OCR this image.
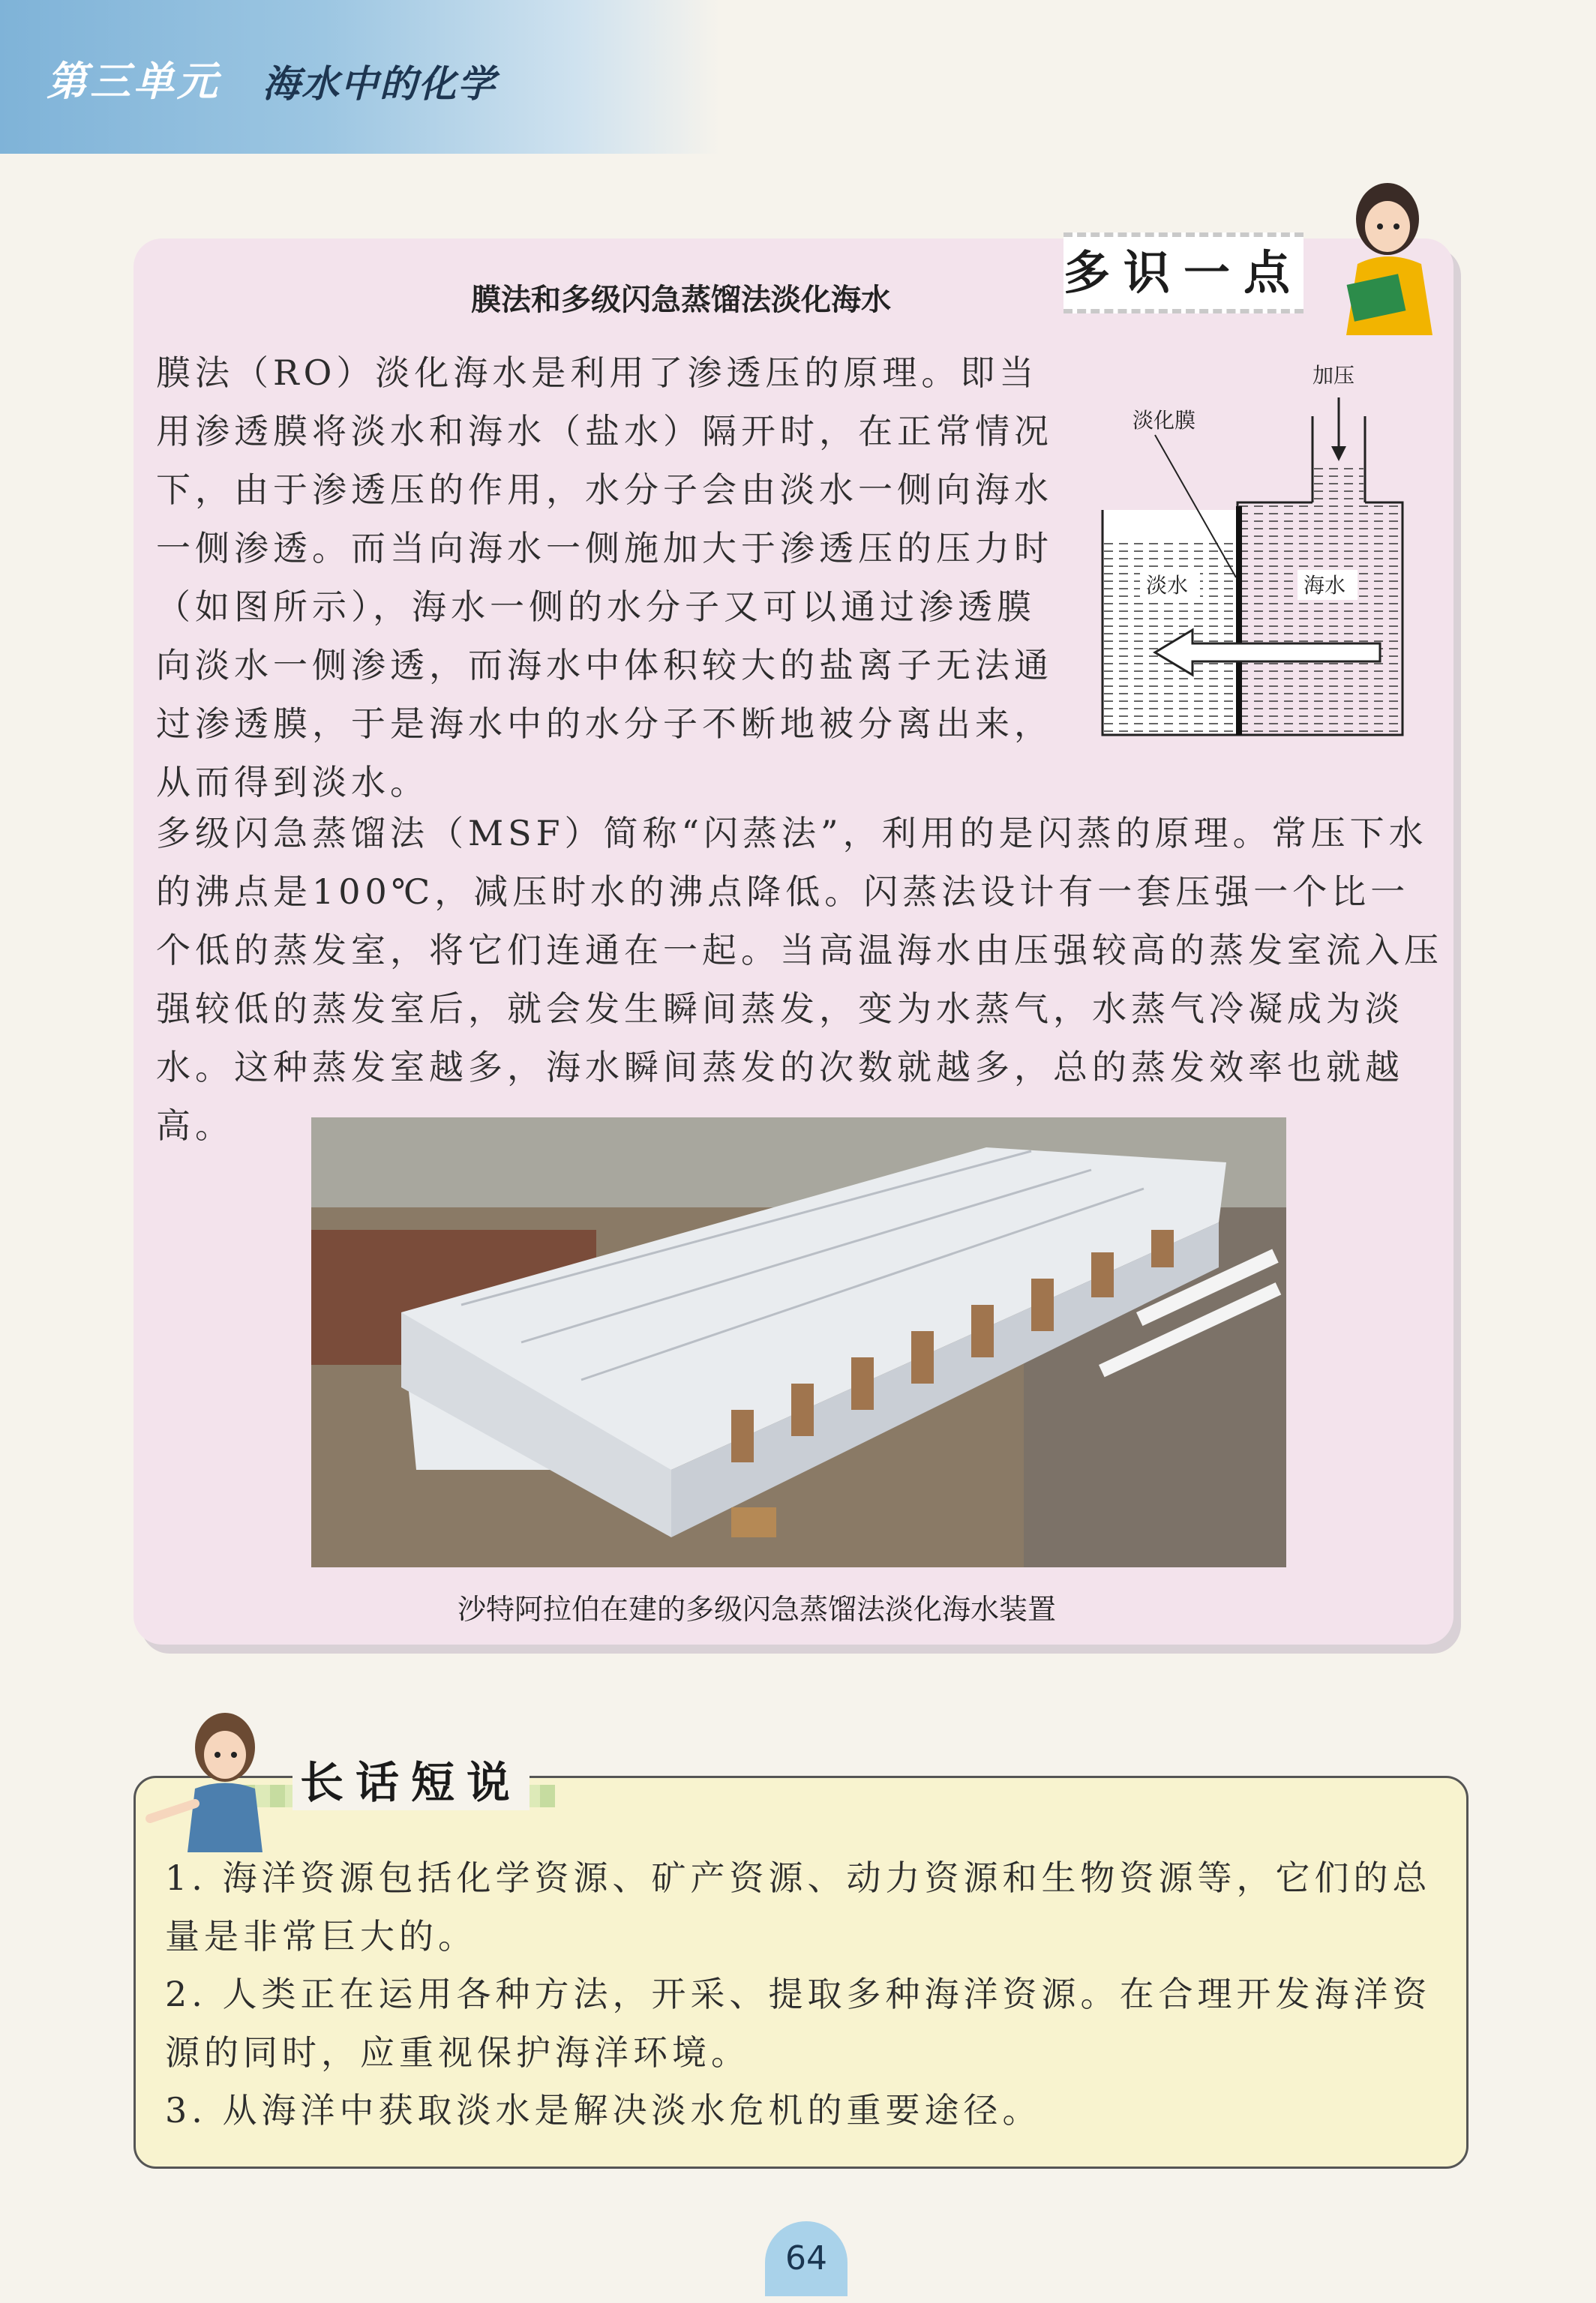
第三单元 海水中的化学
膜法和多级闪急蒸馏法淡化海水	多识一点

膜法（RO）淡化海水是利用了渗透压的原理。即当用渗透膜将淡水和海水（盐水）隔开时，在正常情况下，由于渗透压的作用，水分子会由淡水一侧向海水一侧渗透。而当向海水一侧施加大于渗透压的压力时（如图所示），海水一侧的水分子又可以通过渗透膜向淡水一侧渗透，而海水中体积较大的盐离子无法通过渗透膜，于是海水中的水分子不断地被分离出来，从而得到淡水。

加压
淡化膜
淡水	海水

多级闪急蒸馏法（MSF）简称“闪蒸法”，利用的是闪蒸的原理。常压下水的沸点是100℃，减压时水的沸点降低。闪蒸法设计有一套压强一个比一个低的蒸发室，将它们连通在一起。当高温海水由压强较高的蒸发室流入压强较低的蒸发室后，就会发生瞬间蒸发，变为水蒸气，水蒸气冷凝成为淡水。这种蒸发室越多，海水瞬间蒸发的次数就越多，总的蒸发效率也就越高。

沙特阿拉伯在建的多级闪急蒸馏法淡化海水装置
长话短说

1. 海洋资源包括化学资源、矿产资源、动力资源和生物资源等，它们的总量是非常巨大的。

2. 人类正在运用各种方法，开采、提取多种海洋资源。在合理开发海洋资源的同时，应重视保护海洋环境。

3. 从海洋中获取淡水是解决淡水危机的重要途径。

64
